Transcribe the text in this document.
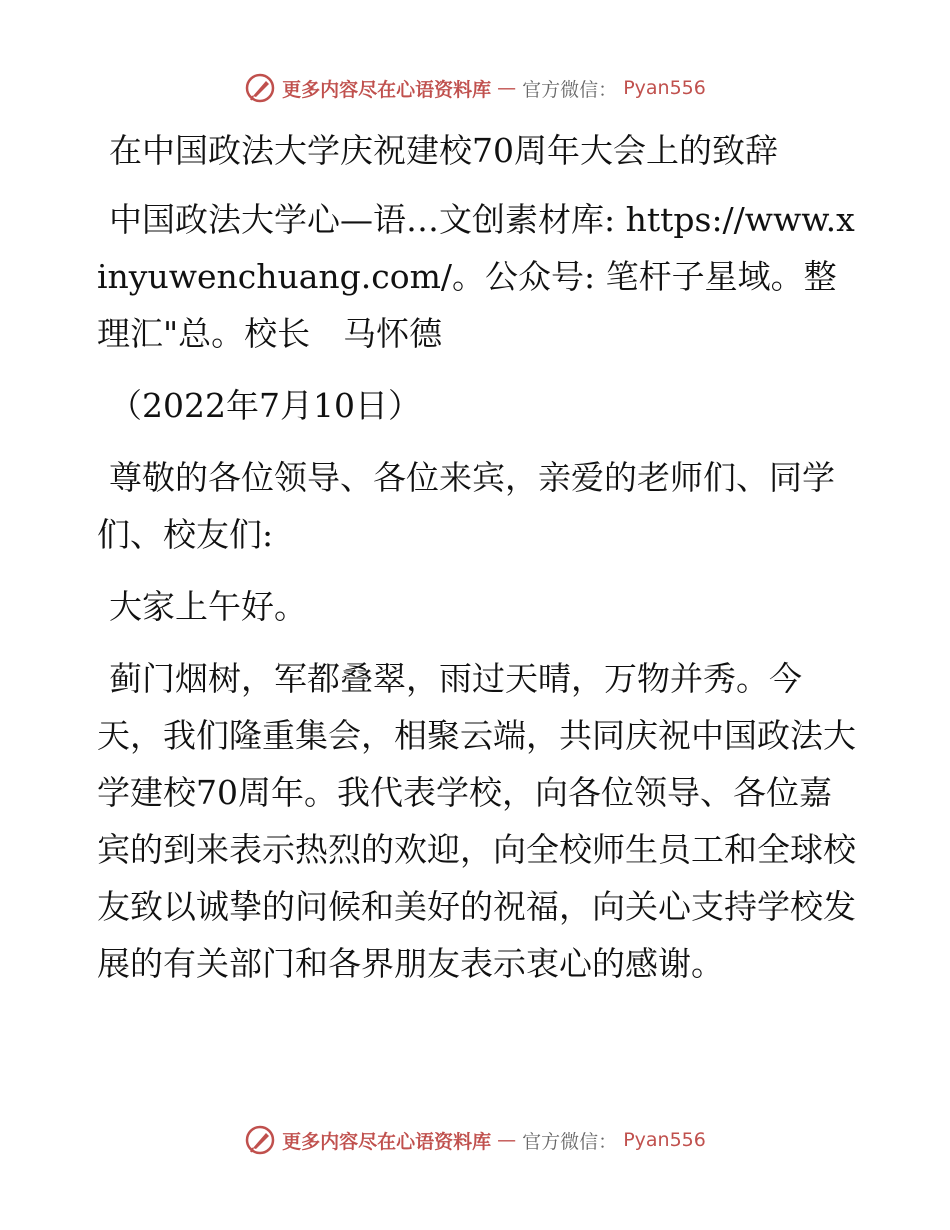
更多内容尽在心语资料库 — 官方微信： Pyan556

在中国政法大学庆祝建校70周年大会上的致辞

中国政法大学心—语…文创素材库: https://www.xinyuwenchuang.com/。公众号: 笔杆子星域。整理汇"总。校长　马怀德

（2022年7月10日）

尊敬的各位领导、各位来宾，亲爱的老师们、同学们、校友们:

大家上午好。

蓟门烟树，军都叠翠，雨过天晴，万物并秀。今天，我们隆重集会，相聚云端，共同庆祝中国政法大学建校70周年。我代表学校，向各位领导、各位嘉宾的到来表示热烈的欢迎，向全校师生员工和全球校友致以诚挚的问候和美好的祝福，向关心支持学校发展的有关部门和各界朋友表示衷心的感谢。

更多内容尽在心语资料库 — 官方微信： Pyan556
